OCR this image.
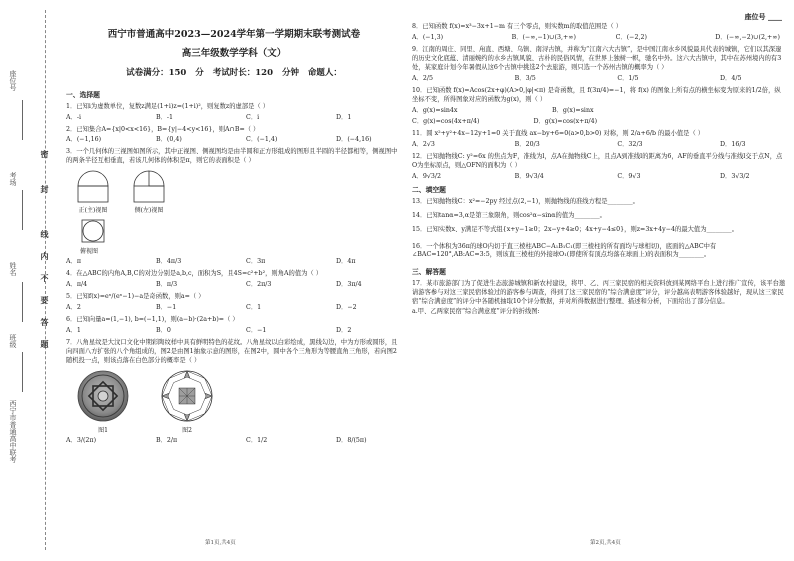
座位号
考场
姓名
班级
西宁市普通高中联考
密
封
线
内
不
要
答
题
西宁市普通高中2023—2024学年第一学期期末联考测试卷
高三年级数学学科（文）
试卷满分：150 分 考试时长：120 分钟 命题人：
一、选择题
1．已知i为虚数单位，复数z满足(1+i)z=(1+i)²，则复数z的虚部是（ ）
A．-i	B．-1	C．i	D．1
2．已知集合A={x|0<x<16}，B={y|−4<y<16}，则A∩B=（ ）
A．(−1,16)	B．(0,4)	C．(−1,4)	D．(−4,16)
3．一个几何体的三视图如图所示，其中正视图、侧视图均是由半圆和正方形组成的图形且半圆的半径都相等，侧视图中的两条半径互相垂直，若该几何体的体积是π，则它的表面积是（ ）
正(主)视图	侧(左)视图
俯视图
A．π	B．4π/3	C．3π	D．4π
4．在△ABC的内角A,B,C的对边分别是a,b,c，面积为S，且4S=c²+b²，则角A的值为（ ）
A．π/4	B．π/3	C．2π/3	D．3π/4
5．已知f(x)=eˣ/(eˣ−1)−a是奇函数，则a=（ ）
A．2	B．−1	C．1	D．−2
6．已知向量a=(1,−1), b=(−1,1)，则(a−b)·(2a+b)=（ ）
A．1	B．0	C．−1	D．2
7．八角星纹是大汶口文化中期彩陶纹样中具有鲜明特色的花纹。八角星纹以白彩绘成，黑线勾边，中为方形或圆形，且向四面八方扩张的八个角组成的，图2是由图1抽象示意的图形，在图2中，圆中各个三角形为等腰直角三角形，若向图2随机投一点，则该点落在白色部分的概率是（ ）
图1	图2
A．3/(2π)	B．2/π	C．1/2	D．8/(5π)
第1页,共4页
座位号 ____
8．已知函数 f(x)=x³−3x+1−m 有三个零点，则实数m的取值范围是（ ）
A．(−1,3)	B．(−∞,−1)∪(3,+∞)	C．(−2,2)	D．(−∞,−2)∪(2,+∞)
9．江南的周庄、同里、甪直、西塘、乌镇、南浔古镇，并称为“江南六大古镇”，是中国江南水乡风貌最具代表的城镇，它们以其深邃的历史文化底蕴、清丽婉约的水乡古镇风貌、古朴的民俗风情，在世界上独树一帜，驰名中外。这六大古镇中，其中在苏州境内的有3处，某家庭计划今年暑假从这6个古镇中挑选2个去旅游，则只选一个苏州古镇的概率为（ ）
A．2/5	B．3/5	C．1/5	D．4/5
10．已知函数 f(x)=Acos(2x+φ)(A>0,|φ|<π) 是奇函数，且 f(3π/4)=−1，将 f(x) 的图象上所有点的横坐标变为原来的1/2倍，纵坐标不变，所得图象对应的函数为g(x)，则（ ）
A．g(x)=sin4x	B．g(x)=sinx
C．g(x)=cos(4x+π/4)	D．g(x)=cos(x+π/4)
11．圆 x²+y²+4x−12y+1=0 关于直线 ax−by+6=0(a>0,b>0) 对称，则 2/a+6/b 的最小值是（ ）
A．2√3	B．20/3	C．32/3	D．16/3
12．已知抛物线C: y²=6x 的焦点为F，准线为l，点A在抛物线C上，且点A到准线l的距离为6，AF的垂直平分线与准线l交于点N，点O为坐标原点，则△OFN的面积为（ ）
A．9√3/2	B．9√3/4	C．9√3	D．3√3/2
二、填空题
13．已知抛物线C：x²=−2py 经过点(2,−1)，则抛物线的准线方程是________。
14．已知tanα=3,α是第三象限角，则cos²α−sinα的值为________。
15．已知实数x、y满足不等式组{x+y−1≥0；2x−y+4≥0；4x+y−4≤0}，则z=3x+4y−4的最大值为________。
16．一个体积为36π的球O内切于直三棱柱ABC−A₁B₁C₁(即三棱柱的所有面均与球相切)，底面的△ABC中有∠BAC=120°,AB:AC=3:5，则该直三棱柱的外接球O₁(即使所有顶点均落在球面上)的表面积为________。
三、解答题
17．某市旅游部门为了促进生态旅游城镇和新农村建设，将甲、乙、丙三家民宿的相关资料放到某网络平台上进行推广宣传，该平台邀请游客参与对这三家民宿体验过的游客参与调查，得到了这三家民宿的“综合满意度”评分，评分越高表明游客体验越好，现从这三家民宿“综合满意度”的评分中各随机抽取10个评分数据，并对所得数据进行整理、描述和分析，下面给出了部分信息。
a.甲、乙两家民宿“综合满意度”评分的折线图:
第2页,共4页
